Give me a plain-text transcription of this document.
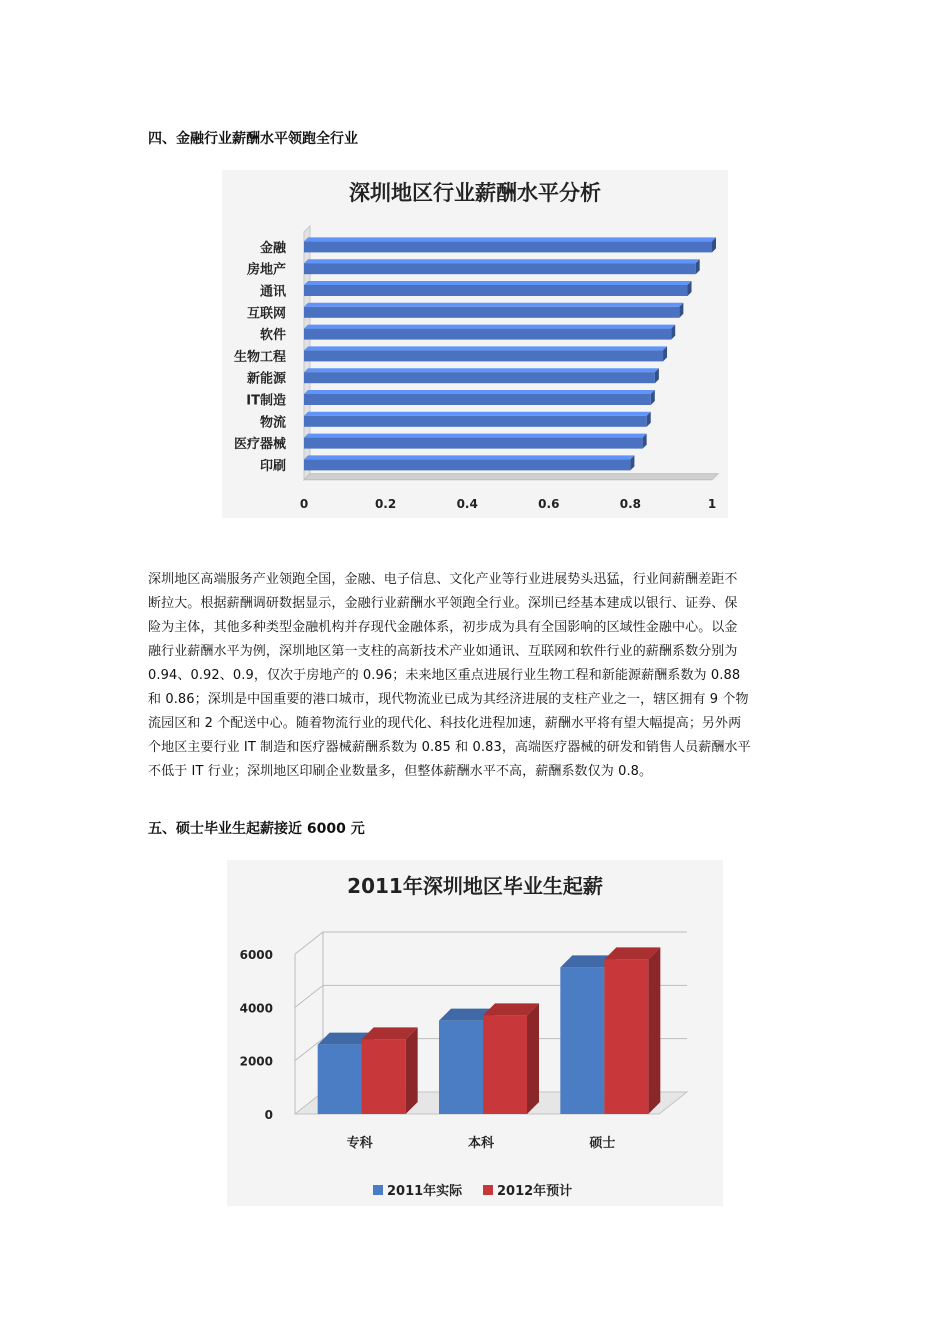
四、金融行业薪酬水平领跑全行业
深圳地区行业薪酬水平分析
金融
房地产
通讯
互联网
软件
生物工程
新能源
IT制造
物流
医疗器械
印刷
0	0.2	0.4	0.6	0.8	1
深圳地区高端服务产业领跑全国，金融、电子信息、文化产业等行业进展势头迅猛，行业间薪酬差距不
断拉大。根据薪酬调研数据显示，金融行业薪酬水平领跑全行业。深圳已经基本建成以银行、证券、保
险为主体，其他多种类型金融机构并存现代金融体系，初步成为具有全国影响的区域性金融中心。以金
融行业薪酬水平为例，深圳地区第一支柱的高新技术产业如通讯、互联网和软件行业的薪酬系数分别为
0.94、0.92、0.9，仅次于房地产的 0.96；未来地区重点进展行业生物工程和新能源薪酬系数为 0.88
和 0.86；深圳是中国重要的港口城市，现代物流业已成为其经济进展的支柱产业之一，辖区拥有 9 个物
流园区和 2 个配送中心。随着物流行业的现代化、科技化进程加速，薪酬水平将有望大幅提高；另外两
个地区主要行业 IT 制造和医疗器械薪酬系数为 0.85 和 0.83，高端医疗器械的研发和销售人员薪酬水平
不低于 IT 行业；深圳地区印刷企业数量多，但整体薪酬水平不高，薪酬系数仅为 0.8。
五、硕士毕业生起薪接近 6000 元
2011年深圳地区毕业生起薪
0
2000
4000
6000
专科	本科	硕士
2011年实际	2012年预计
